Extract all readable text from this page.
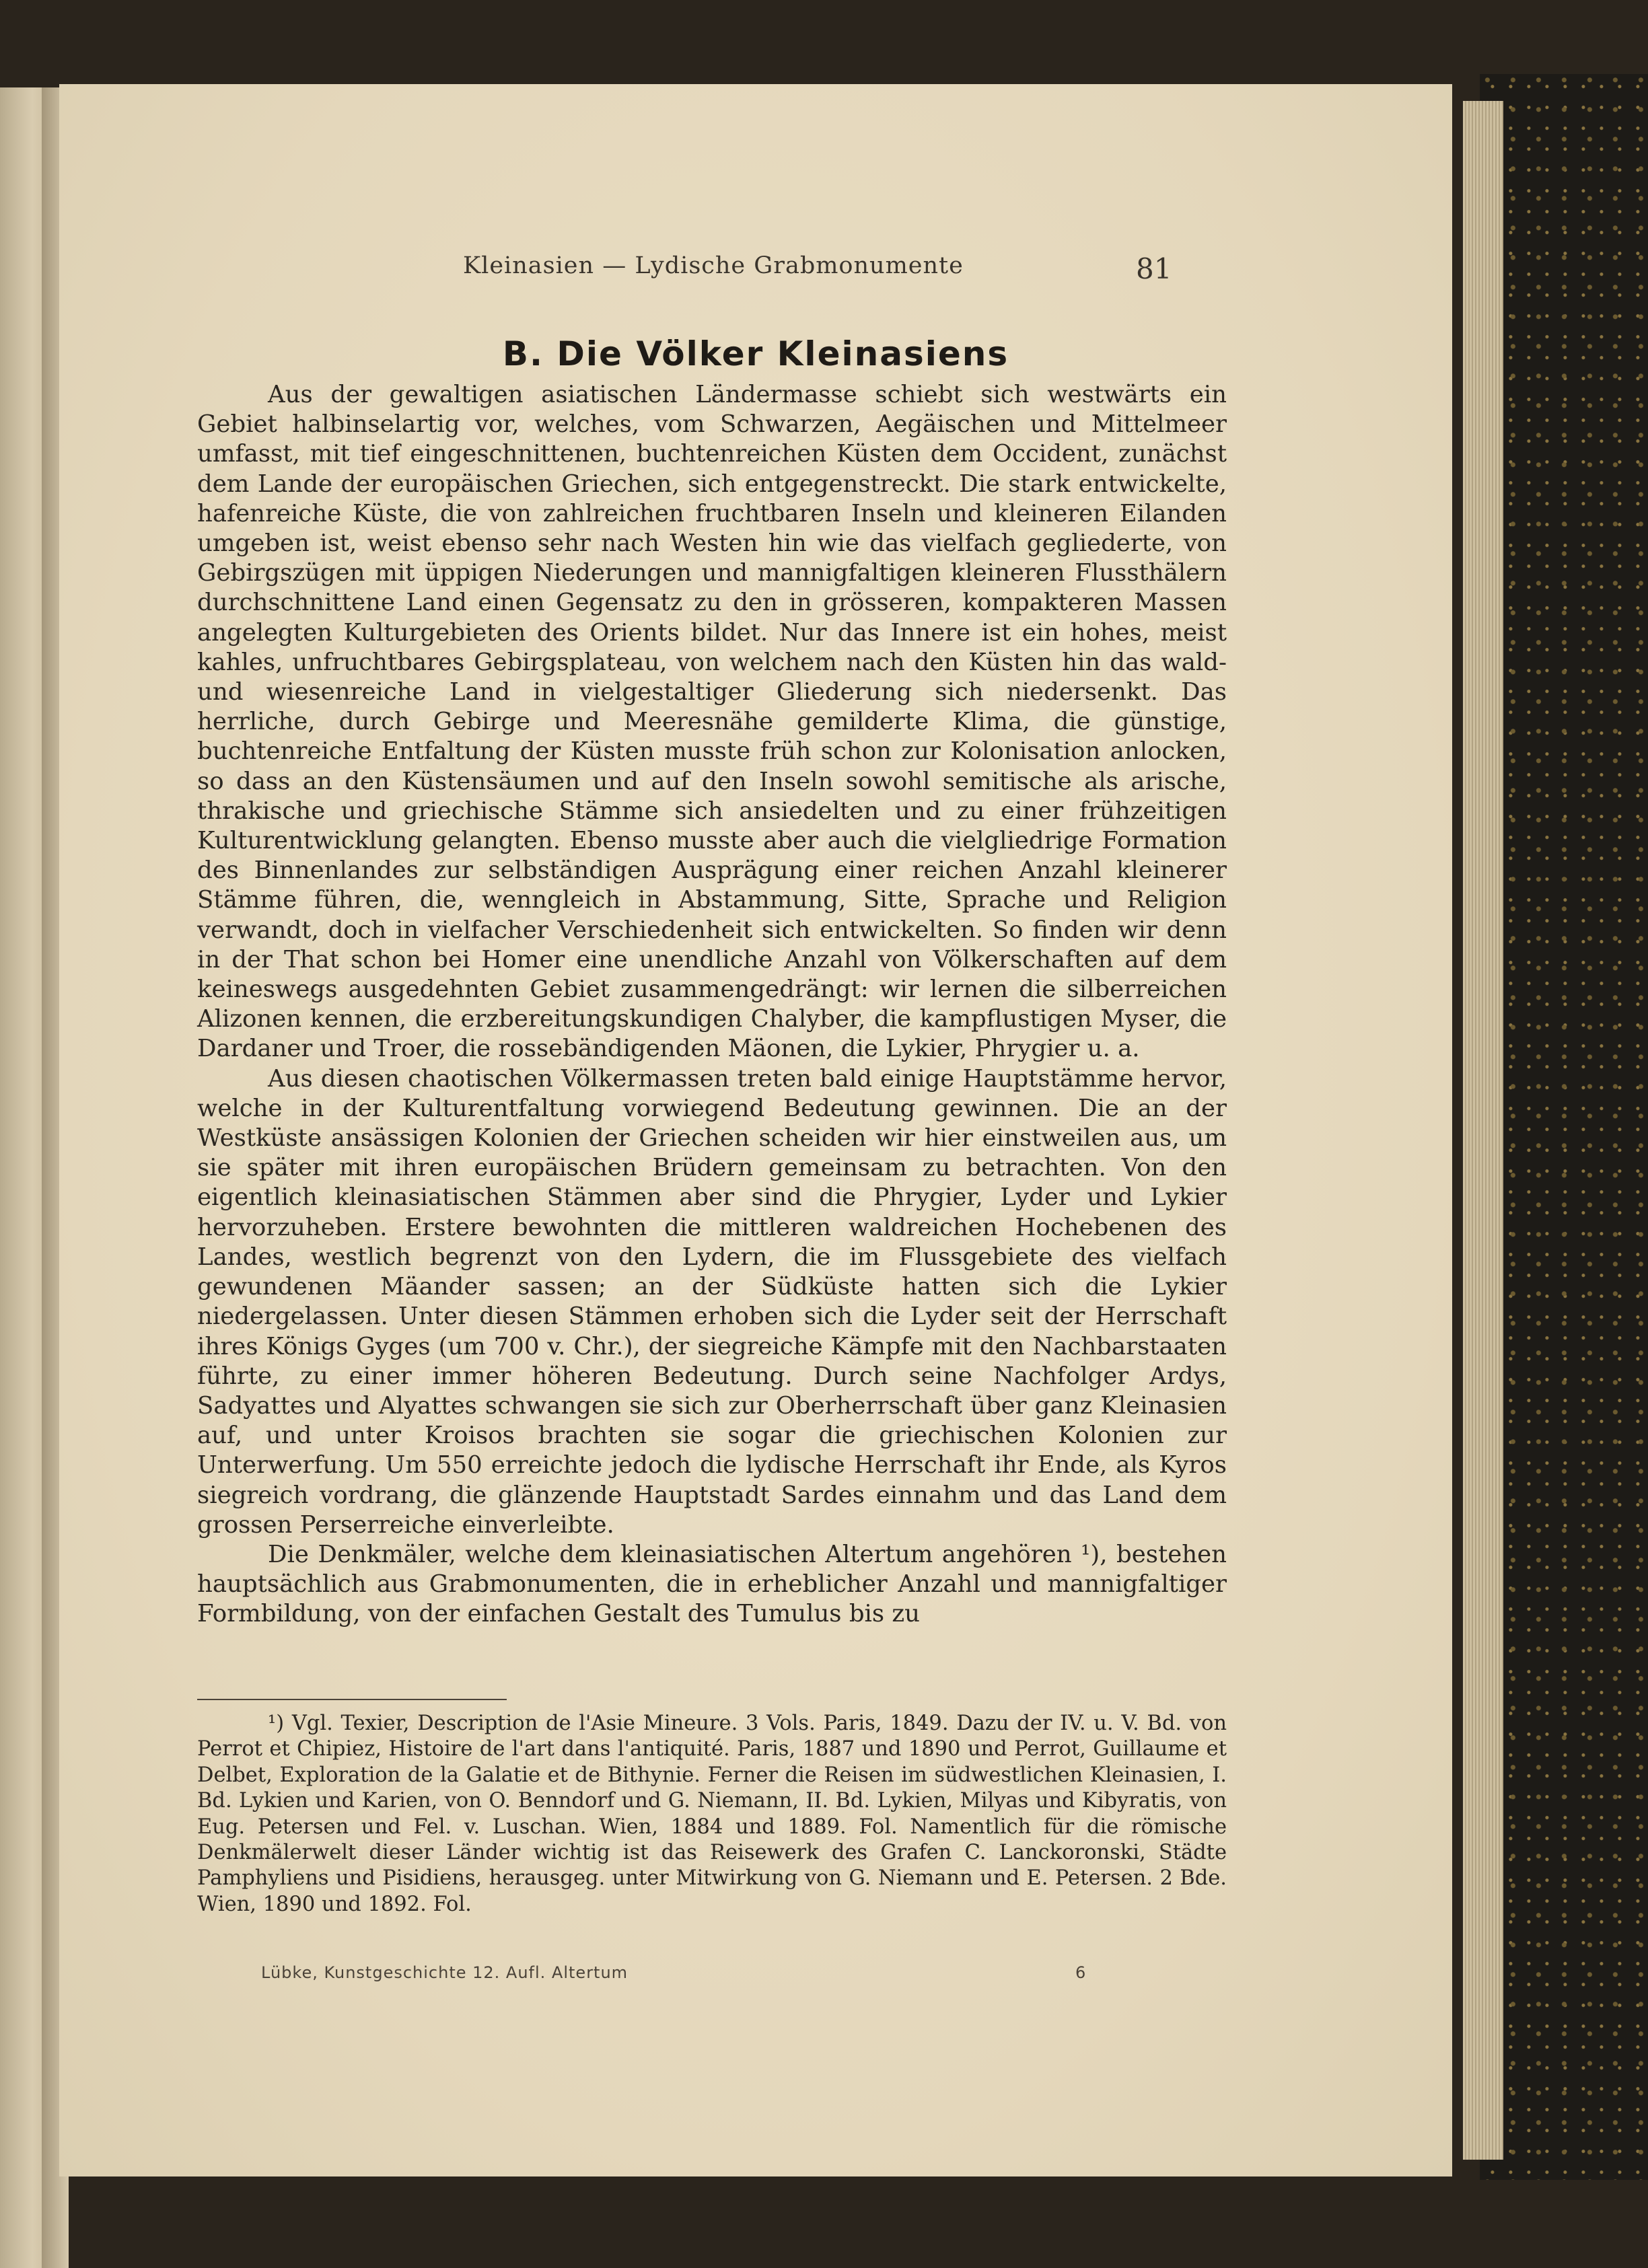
Kleinasien — Lydische Grabmonumente	81
B. Die Völker Kleinasiens

Aus der gewaltigen asiatischen Ländermasse schiebt sich westwärts ein Gebiet halbinselartig vor, welches, vom Schwarzen, Aegäischen und Mittelmeer umfasst, mit tief eingeschnittenen, buchtenreichen Küsten dem Occident, zunächst dem Lande der europäischen Griechen, sich entgegenstreckt. Die stark entwickelte, hafenreiche Küste, die von zahlreichen fruchtbaren Inseln und kleineren Eilanden umgeben ist, weist ebenso sehr nach Westen hin wie das vielfach gegliederte, von Gebirgszügen mit üppigen Niederungen und mannigfaltigen kleineren Flussthälern durchschnittene Land einen Gegensatz zu den in grösseren, kompakteren Massen angelegten Kulturgebieten des Orients bildet. Nur das Innere ist ein hohes, meist kahles, unfruchtbares Gebirgsplateau, von welchem nach den Küsten hin das wald- und wiesenreiche Land in vielgestaltiger Gliederung sich niedersenkt. Das herrliche, durch Gebirge und Meeresnähe gemilderte Klima, die günstige, buchtenreiche Entfaltung der Küsten musste früh schon zur Kolonisation anlocken, so dass an den Küstensäumen und auf den Inseln sowohl semitische als arische, thrakische und griechische Stämme sich ansiedelten und zu einer frühzeitigen Kulturentwicklung gelangten. Ebenso musste aber auch die vielgliedrige Formation des Binnenlandes zur selbständigen Ausprägung einer reichen Anzahl kleinerer Stämme führen, die, wenngleich in Abstammung, Sitte, Sprache und Religion verwandt, doch in vielfacher Verschiedenheit sich entwickelten. So finden wir denn in der That schon bei Homer eine unendliche Anzahl von Völkerschaften auf dem keineswegs ausgedehnten Gebiet zusammengedrängt: wir lernen die silberreichen Alizonen kennen, die erzbereitungskundigen Chalyber, die kampflustigen Myser, die Dardaner und Troer, die rossebändigenden Mäonen, die Lykier, Phrygier u. a.

Aus diesen chaotischen Völkermassen treten bald einige Hauptstämme hervor, welche in der Kulturentfaltung vorwiegend Bedeutung gewinnen. Die an der Westküste ansässigen Kolonien der Griechen scheiden wir hier einstweilen aus, um sie später mit ihren europäischen Brüdern gemeinsam zu betrachten. Von den eigentlich kleinasiatischen Stämmen aber sind die Phrygier, Lyder und Lykier hervorzuheben. Erstere bewohnten die mittleren waldreichen Hochebenen des Landes, westlich begrenzt von den Lydern, die im Flussgebiete des vielfach gewundenen Mäander sassen; an der Südküste hatten sich die Lykier niedergelassen. Unter diesen Stämmen erhoben sich die Lyder seit der Herrschaft ihres Königs Gyges (um 700 v. Chr.), der siegreiche Kämpfe mit den Nachbarstaaten führte, zu einer immer höheren Bedeutung. Durch seine Nachfolger Ardys, Sadyattes und Alyattes schwangen sie sich zur Oberherrschaft über ganz Kleinasien auf, und unter Kroisos brachten sie sogar die griechischen Kolonien zur Unterwerfung. Um 550 erreichte jedoch die lydische Herrschaft ihr Ende, als Kyros siegreich vordrang, die glänzende Hauptstadt Sardes einnahm und das Land dem grossen Perserreiche einverleibte.

Die Denkmäler, welche dem kleinasiatischen Altertum angehören ¹), bestehen hauptsächlich aus Grabmonumenten, die in erheblicher Anzahl und mannigfaltiger Formbildung, von der einfachen Gestalt des Tumulus bis zu

¹) Vgl. Texier, Description de l'Asie Mineure. 3 Vols. Paris, 1849. Dazu der IV. u. V. Bd. von Perrot et Chipiez, Histoire de l'art dans l'antiquité. Paris, 1887 und 1890 und Perrot, Guillaume et Delbet, Exploration de la Galatie et de Bithynie. Ferner die Reisen im südwestlichen Kleinasien, I. Bd. Lykien und Karien, von O. Benndorf und G. Niemann, II. Bd. Lykien, Milyas und Kibyratis, von Eug. Petersen und Fel. v. Luschan. Wien, 1884 und 1889. Fol. Namentlich für die römische Denkmälerwelt dieser Länder wichtig ist das Reisewerk des Grafen C. Lanckoronski, Städte Pamphyliens und Pisidiens, herausgeg. unter Mitwirkung von G. Niemann und E. Petersen. 2 Bde. Wien, 1890 und 1892. Fol.

Lübke, Kunstgeschichte 12. Aufl. Altertum	6
